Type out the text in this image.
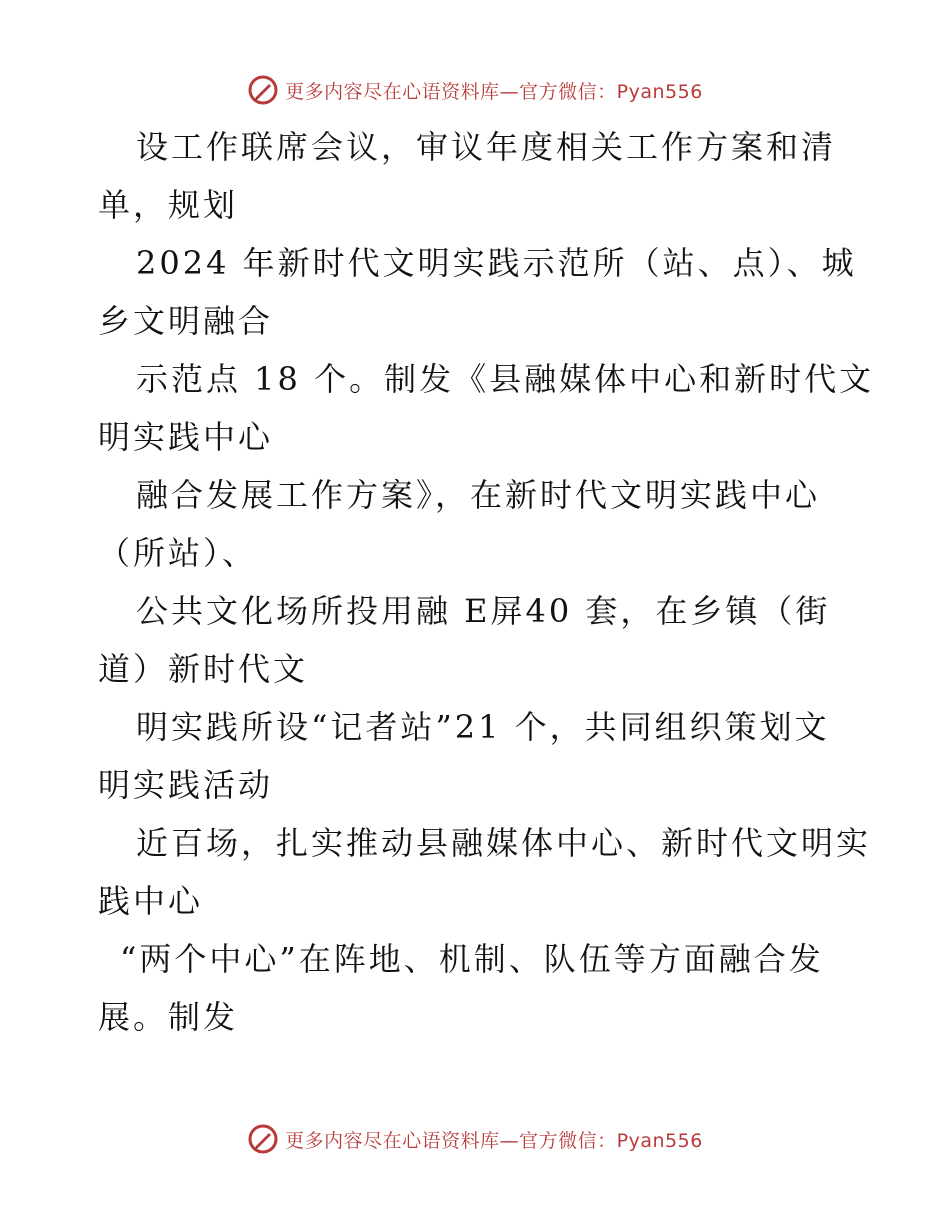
更多内容尽在心语资料库—官方微信：Pyan556
设工作联席会议，审议年度相关工作方案和清
单，规划
2024 年新时代文明实践示范所（站、点）、城
乡文明融合
示范点 18 个。制发《县融媒体中心和新时代文
明实践中心
融合发展工作方案》，在新时代文明实践中心
（所站）、
公共文化场所投用融 E屏40 套，在乡镇（街
道）新时代文
明实践所设“记者站”21 个，共同组织策划文
明实践活动
近百场，扎实推动县融媒体中心、新时代文明实
践中心
“两个中心”在阵地、机制、队伍等方面融合发
展。制发
更多内容尽在心语资料库—官方微信：Pyan556
